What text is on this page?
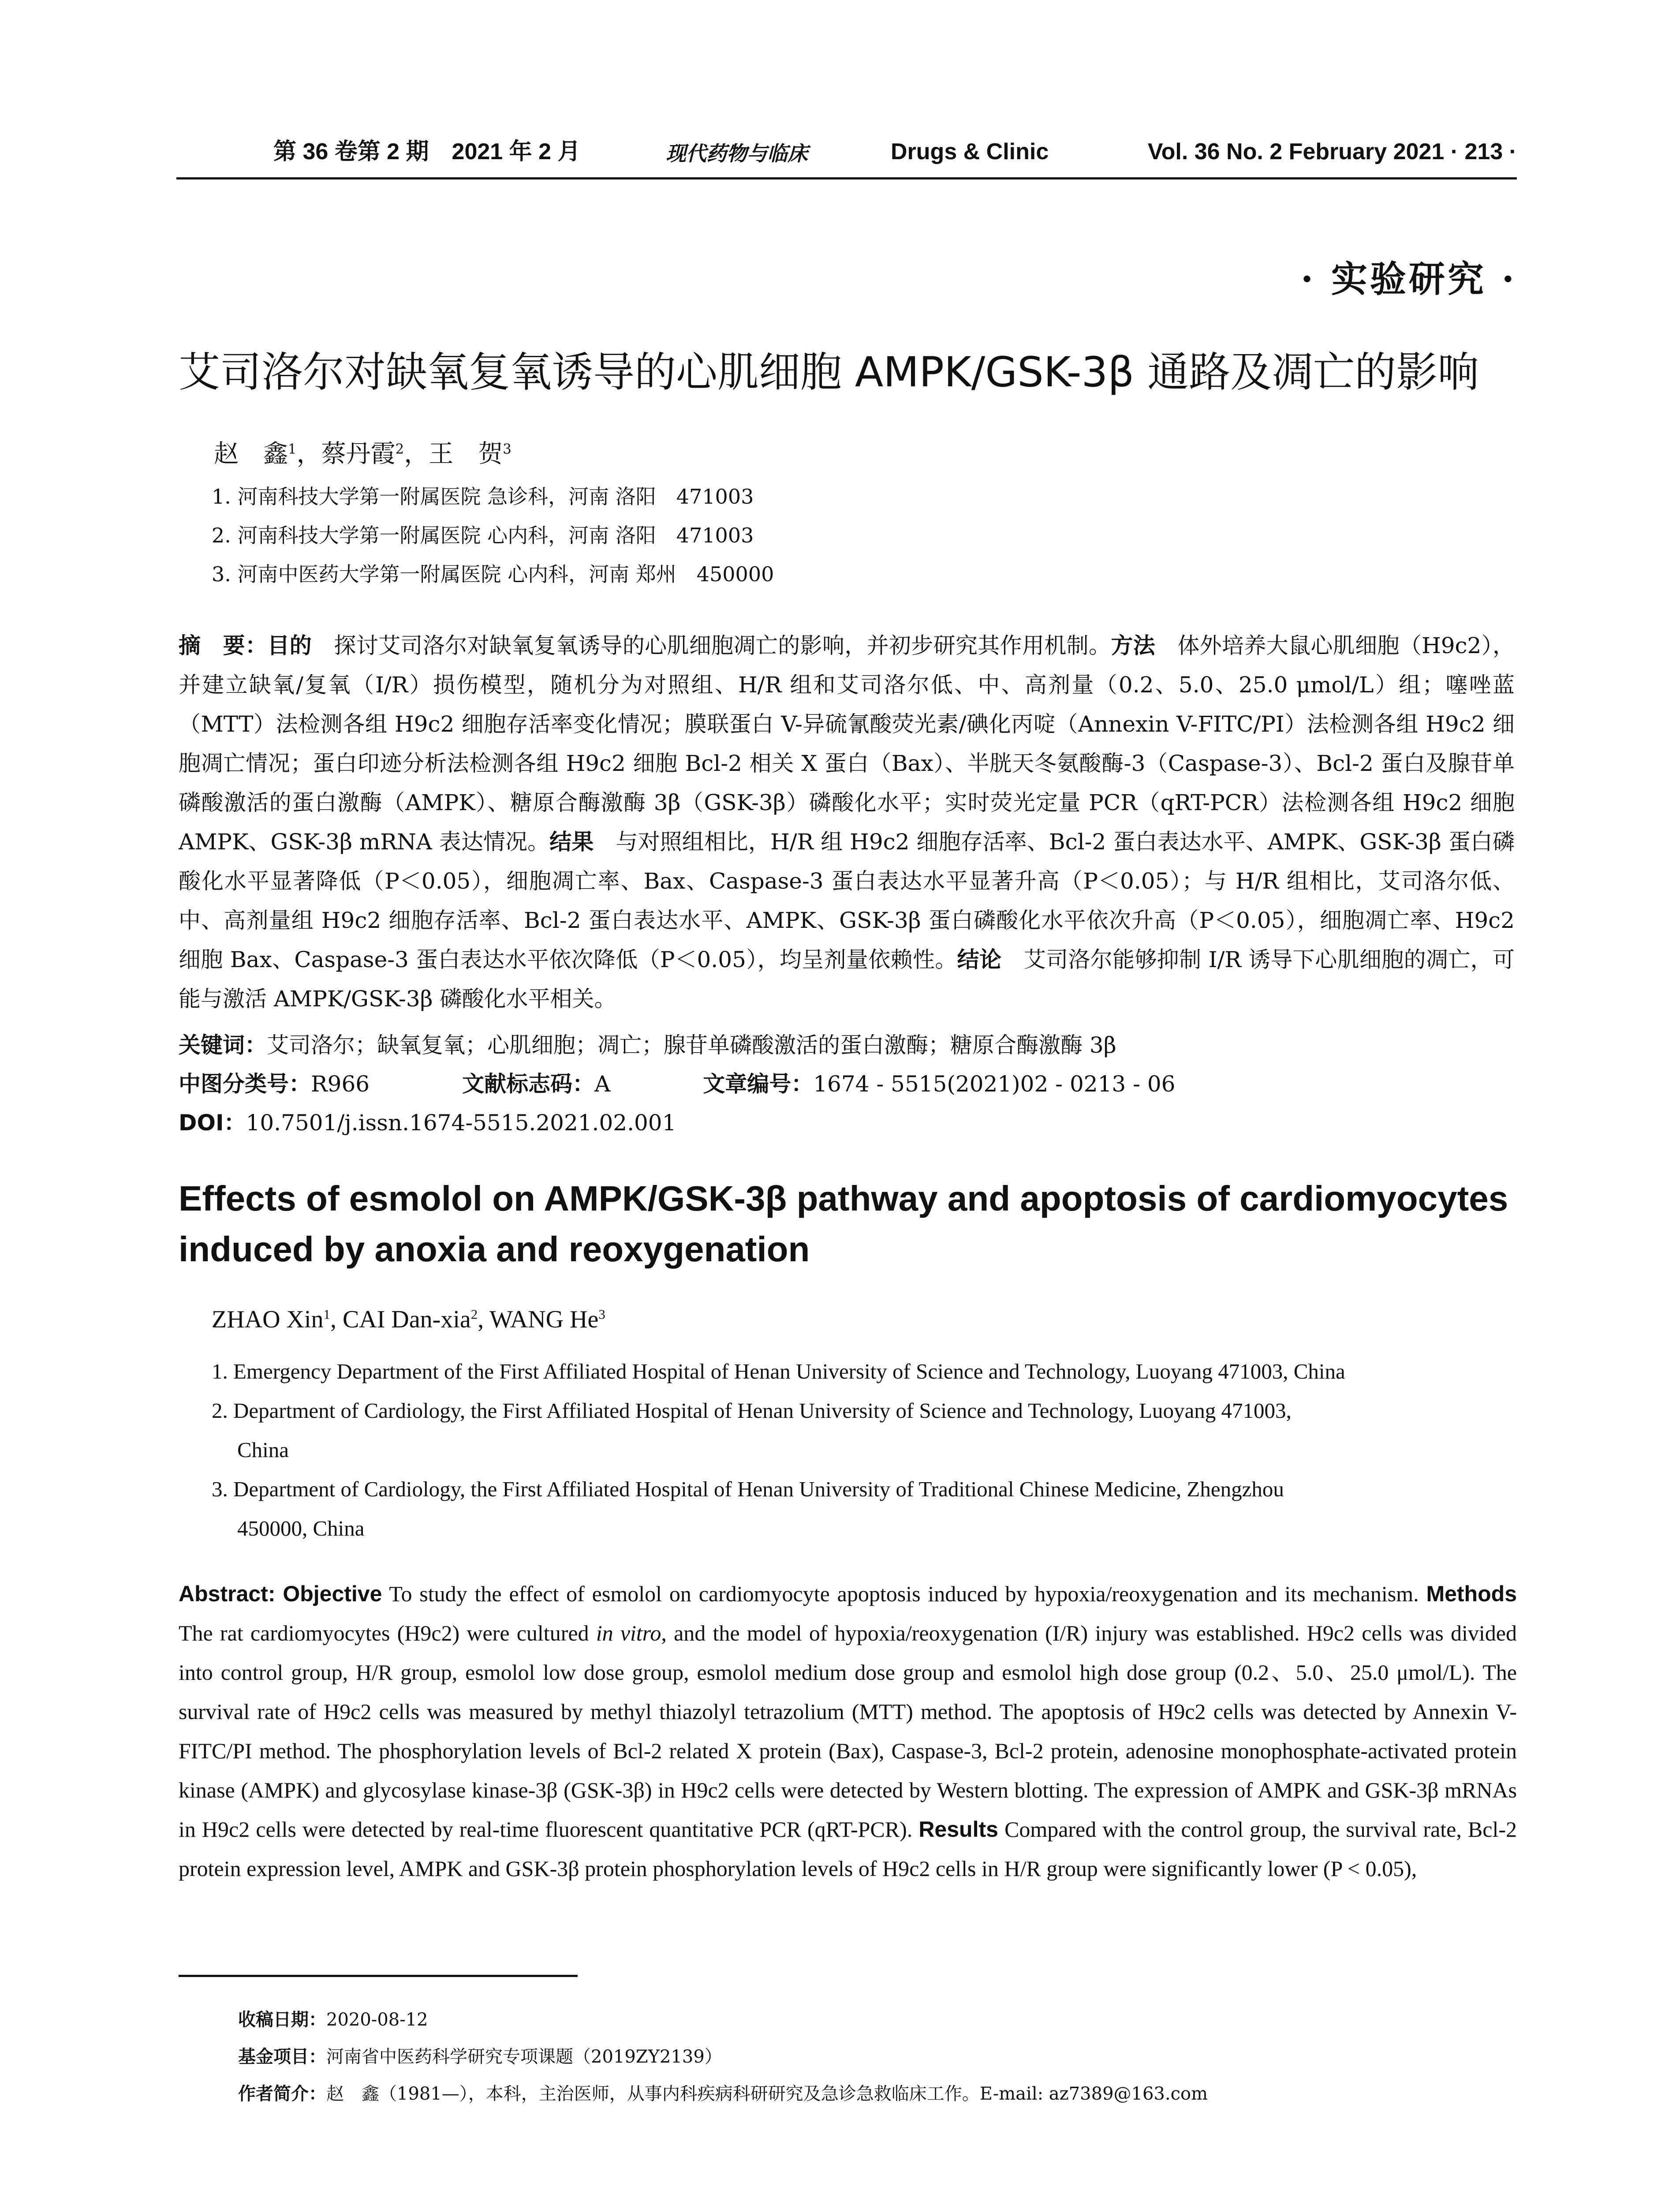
第 36 卷第 2 期　2021 年 2 月	现代药物与临床	Drugs & Clinic	Vol. 36 No. 2 February 2021 · 213 ·
· 实验研究 ·
艾司洛尔对缺氧复氧诱导的心肌细胞 AMPK/GSK-3β 通路及凋亡的影响
赵　鑫$^1$，蔡丹霞$^2$，王　贺$^3$
1. 河南科技大学第一附属医院 急诊科，河南 洛阳　471003
2. 河南科技大学第一附属医院 心内科，河南 洛阳　471003
3. 河南中医药大学第一附属医院 心内科，河南 郑州　450000
摘　要：目的　探讨艾司洛尔对缺氧复氧诱导的心肌细胞凋亡的影响，并初步研究其作用机制。方法　体外培养大鼠心肌细胞（H9c2），并建立缺氧/复氧（I/R）损伤模型，随机分为对照组、H/R 组和艾司洛尔低、中、高剂量（0.2、5.0、25.0 μmol/L）组；噻唑蓝（MTT）法检测各组 H9c2 细胞存活率变化情况；膜联蛋白 V-异硫氰酸荧光素/碘化丙啶（Annexin V-FITC/PI）法检测各组 H9c2 细胞凋亡情况；蛋白印迹分析法检测各组 H9c2 细胞 Bcl-2 相关 X 蛋白（Bax）、半胱天冬氨酸酶-3（Caspase-3）、Bcl-2 蛋白及腺苷单磷酸激活的蛋白激酶（AMPK）、糖原合酶激酶 3β（GSK-3β）磷酸化水平；实时荧光定量 PCR（qRT-PCR）法检测各组 H9c2 细胞 AMPK、GSK-3β mRNA 表达情况。结果　与对照组相比，H/R 组 H9c2 细胞存活率、Bcl-2 蛋白表达水平、AMPK、GSK-3β 蛋白磷酸化水平显著降低（P＜0.05），细胞凋亡率、Bax、Caspase-3 蛋白表达水平显著升高（P＜0.05）；与 H/R 组相比，艾司洛尔低、中、高剂量组 H9c2 细胞存活率、Bcl-2 蛋白表达水平、AMPK、GSK-3β 蛋白磷酸化水平依次升高（P＜0.05），细胞凋亡率、H9c2 细胞 Bax、Caspase-3 蛋白表达水平依次降低（P＜0.05），均呈剂量依赖性。结论　艾司洛尔能够抑制 I/R 诱导下心肌细胞的凋亡，可能与激活 AMPK/GSK-3β 磷酸化水平相关。
关键词：艾司洛尔；缺氧复氧；心肌细胞；凋亡；腺苷单磷酸激活的蛋白激酶；糖原合酶激酶 3β
中图分类号：R966	文献标志码：A	文章编号：1674 - 5515(2021)02 - 0213 - 06
DOI：10.7501/j.issn.1674-5515.2021.02.001
Effects of esmolol on AMPK/GSK-3β pathway and apoptosis of cardiomyocytes induced by anoxia and reoxygenation
ZHAO Xin$^1$, CAI Dan-xia$^2$, WANG He$^3$
1. Emergency Department of the First Affiliated Hospital of Henan University of Science and Technology, Luoyang 471003, China
2. Department of Cardiology, the First Affiliated Hospital of Henan University of Science and Technology, Luoyang 471003,
China
3. Department of Cardiology, the First Affiliated Hospital of Henan University of Traditional Chinese Medicine, Zhengzhou
450000, China
Abstract: Objective To study the effect of esmolol on cardiomyocyte apoptosis induced by hypoxia/reoxygenation and its mechanism. Methods The rat cardiomyocytes (H9c2) were cultured in vitro, and the model of hypoxia/reoxygenation (I/R) injury was established. H9c2 cells was divided into control group, H/R group, esmolol low dose group, esmolol medium dose group and esmolol high dose group (0.2、5.0、25.0 μmol/L). The survival rate of H9c2 cells was measured by methyl thiazolyl tetrazolium (MTT) method. The apoptosis of H9c2 cells was detected by Annexin V-FITC/PI method. The phosphorylation levels of Bcl-2 related X protein (Bax), Caspase-3, Bcl-2 protein, adenosine monophosphate-activated protein kinase (AMPK) and glycosylase kinase-3β (GSK-3β) in H9c2 cells were detected by Western blotting. The expression of AMPK and GSK-3β mRNAs in H9c2 cells were detected by real-time fluorescent quantitative PCR (qRT-PCR). Results Compared with the control group, the survival rate, Bcl-2 protein expression level, AMPK and GSK-3β protein phosphorylation levels of H9c2 cells in H/R group were significantly lower (P < 0.05),
收稿日期：2020-08-12
基金项目：河南省中医药科学研究专项课题（2019ZY2139）
作者简介：赵　鑫（1981—），本科，主治医师，从事内科疾病科研研究及急诊急救临床工作。E-mail: az7389@163.com
